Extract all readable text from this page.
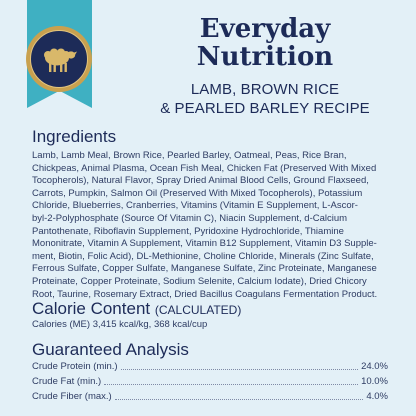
Everyday
Nutrition
LAMB, BROWN RICE
& PEARLED BARLEY RECIPE
Ingredients
Lamb, Lamb Meal, Brown Rice, Pearled Barley, Oatmeal, Peas, Rice Bran,
Chickpeas, Animal Plasma, Ocean Fish Meal, Chicken Fat (Preserved With Mixed
Tocopherols), Natural Flavor, Spray Dried Animal Blood Cells, Ground Flaxseed,
Carrots, Pumpkin, Salmon Oil (Preserved With Mixed Tocopherols), Potassium
Chloride, Blueberries, Cranberries, Vitamins (Vitamin E Supplement, L-Ascor-
byl-2-Polyphosphate (Source Of Vitamin C), Niacin Supplement, d-Calcium
Pantothenate, Riboflavin Supplement, Pyridoxine Hydrochloride, Thiamine
Mononitrate, Vitamin A Supplement, Vitamin B12 Supplement, Vitamin D3 Supple-
ment, Biotin, Folic Acid), DL-Methionine, Choline Chloride, Minerals (Zinc Sulfate,
Ferrous Sulfate, Copper Sulfate, Manganese Sulfate, Zinc Proteinate, Manganese
Proteinate, Copper Proteinate, Sodium Selenite, Calcium Iodate), Dried Chicory
Root, Taurine, Rosemary Extract, Dried Bacillus Coagulans Fermentation Product.
Calorie Content (CALCULATED)
Calories (ME) 3,415 kcal/kg, 368 kcal/cup
Guaranteed Analysis
Crude Protein (min.)	24.0%
Crude Fat (min.)	10.0%
Crude Fiber (max.)	4.0%
